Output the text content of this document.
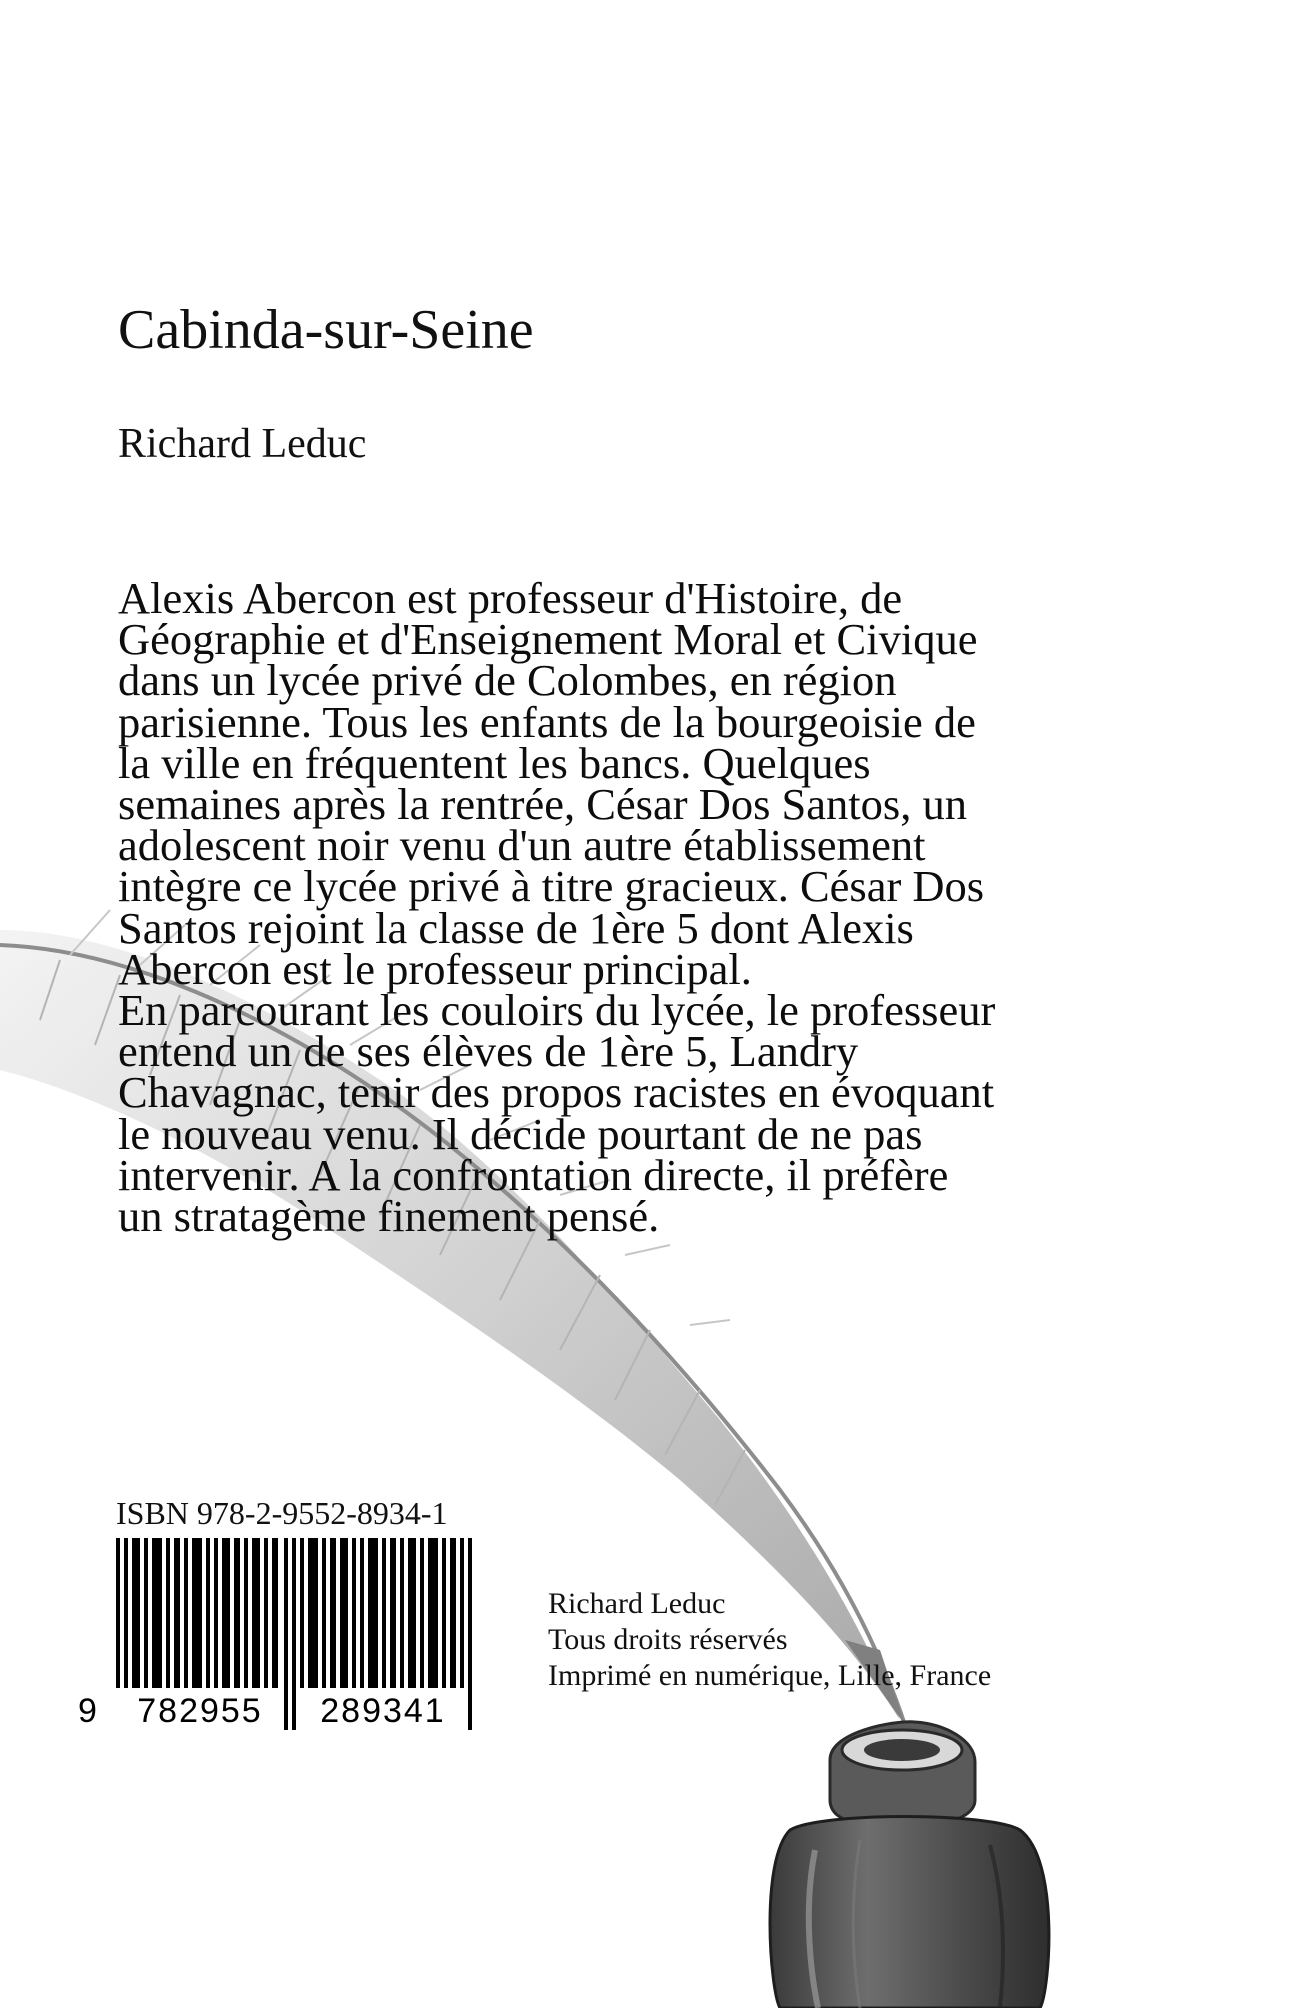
Cabinda-sur-Seine
Richard Leduc

Alexis Abercon est professeur d'Histoire, de Géographie et d'Enseignement Moral et Civique dans un lycée privé de Colombes, en région parisienne. Tous les enfants de la bourgeoisie de la ville en fréquentent les bancs. Quelques semaines après la rentrée, César Dos Santos, un adolescent noir venu d'un autre établissement intègre ce lycée privé à titre gracieux. César Dos Santos rejoint la classe de 1ère 5 dont Alexis Abercon est le professeur principal.

En parcourant les couloirs du lycée, le professeur entend un de ses élèves de 1ère 5, Landry Chavagnac, tenir des propos racistes en évoquant le nouveau venu. Il décide pourtant de ne pas intervenir. A la confrontation directe, il préfère un stratagème finement pensé.

ISBN 978-2-9552-8934-1
9	782955	289341
Richard Leduc
Tous droits réservés
Imprimé en numérique, Lille, France
